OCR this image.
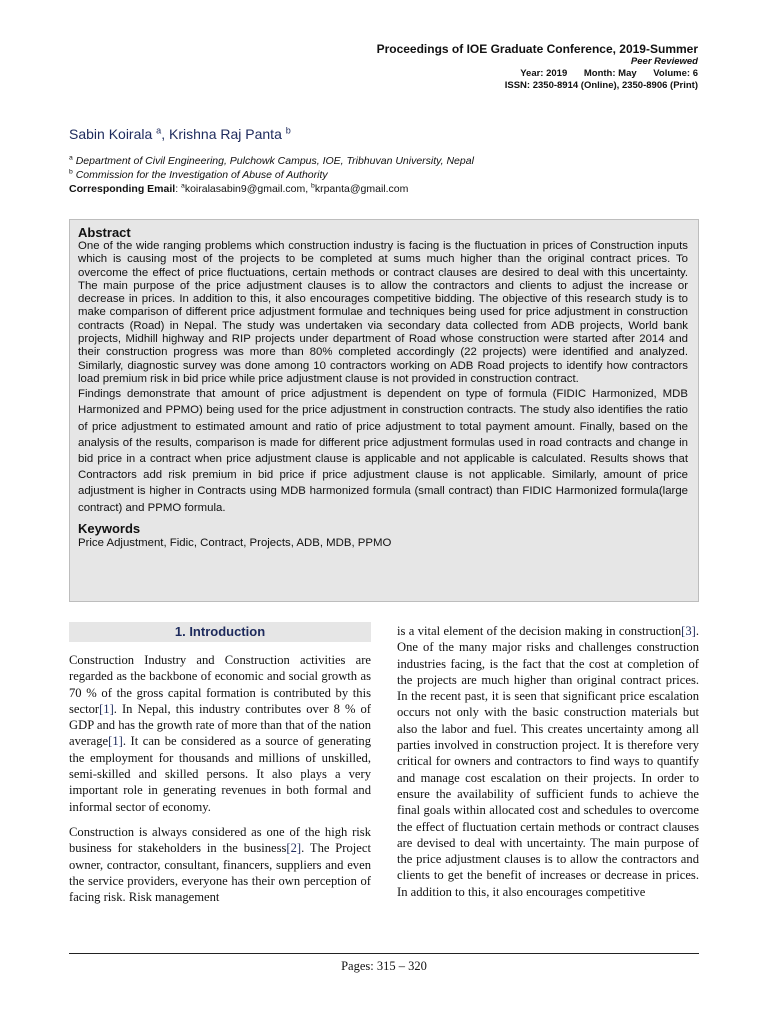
Proceedings of IOE Graduate Conference, 2019-Summer
Peer Reviewed
Year: 2019 Month: May Volume: 6
ISSN: 2350-8914 (Online), 2350-8906 (Print)
Sabin Koirala $^a$, Krishna Raj Panta $^b$
$^a$ Department of Civil Engineering, Pulchowk Campus, IOE, Tribhuvan University, Nepal
$^b$ Commission for the Investigation of Abuse of Authority
Corresponding Email: $^a$koiralasabin9@gmail.com, $^b$krpanta@gmail.com
Abstract

One of the wide ranging problems which construction industry is facing is the fluctuation in prices of Construction inputs which is causing most of the projects to be completed at sums much higher than the original contract prices. To overcome the effect of price fluctuations, certain methods or contract clauses are desired to deal with this uncertainty. The main purpose of the price adjustment clauses is to allow the contractors and clients to adjust the increase or decrease in prices. In addition to this, it also encourages competitive bidding. The objective of this research study is to make comparison of different price adjustment formulae and techniques being used for price adjustment in construction contracts (Road) in Nepal. The study was undertaken via secondary data collected from ADB projects, World bank projects, Midhill highway and RIP projects under department of Road whose construction were started after 2014 and their construction progress was more than 80% completed accordingly (22 projects) were identified and analyzed. Similarly, diagnostic survey was done among 10 contractors working on ADB Road projects to identify how contractors load premium risk in bid price while price adjustment clause is not provided in construction contract.

Findings demonstrate that amount of price adjustment is dependent on type of formula (FIDIC Harmonized, MDB Harmonized and PPMO) being used for the price adjustment in construction contracts. The study also identifies the ratio of price adjustment to estimated amount and ratio of price adjustment to total payment amount. Finally, based on the analysis of the results, comparison is made for different price adjustment formulas used in road contracts and change in bid price in a contract when price adjustment clause is applicable and not applicable is calculated. Results shows that Contractors add risk premium in bid price if price adjustment clause is not applicable. Similarly, amount of price adjustment is higher in Contracts using MDB harmonized formula (small contract) than FIDIC Harmonized formula(large contract) and PPMO formula.

Keywords
Price Adjustment, Fidic, Contract, Projects, ADB, MDB, PPMO
1. Introduction

Construction Industry and Construction activities are regarded as the backbone of economic and social growth as 70 % of the gross capital formation is contributed by this sector[1]. In Nepal, this industry contributes over 8 % of GDP and has the growth rate of more than that of the nation average[1]. It can be considered as a source of generating the employment for thousands and millions of unskilled, semi-skilled and skilled persons. It also plays a very important role in generating revenues in both formal and informal sector of economy.

Construction is always considered as one of the high risk business for stakeholders in the business[2]. The Project owner, contractor, consultant, financers, suppliers and even the service providers, everyone has their own perception of facing risk. Risk management

is a vital element of the decision making in construction[3]. One of the many major risks and challenges construction industries facing, is the fact that the cost at completion of the projects are much higher than original contract prices. In the recent past, it is seen that significant price escalation occurs not only with the basic construction materials but also the labor and fuel. This creates uncertainty among all parties involved in construction project. It is therefore very critical for owners and contractors to find ways to quantify and manage cost escalation on their projects. In order to ensure the availability of sufficient funds to achieve the final goals within allocated cost and schedules to overcome the effect of fluctuation certain methods or contract clauses are devised to deal with uncertainty. The main purpose of the price adjustment clauses is to allow the contractors and clients to get the benefit of increases or decrease in prices. In addition to this, it also encourages competitive

Pages: 315 – 320
